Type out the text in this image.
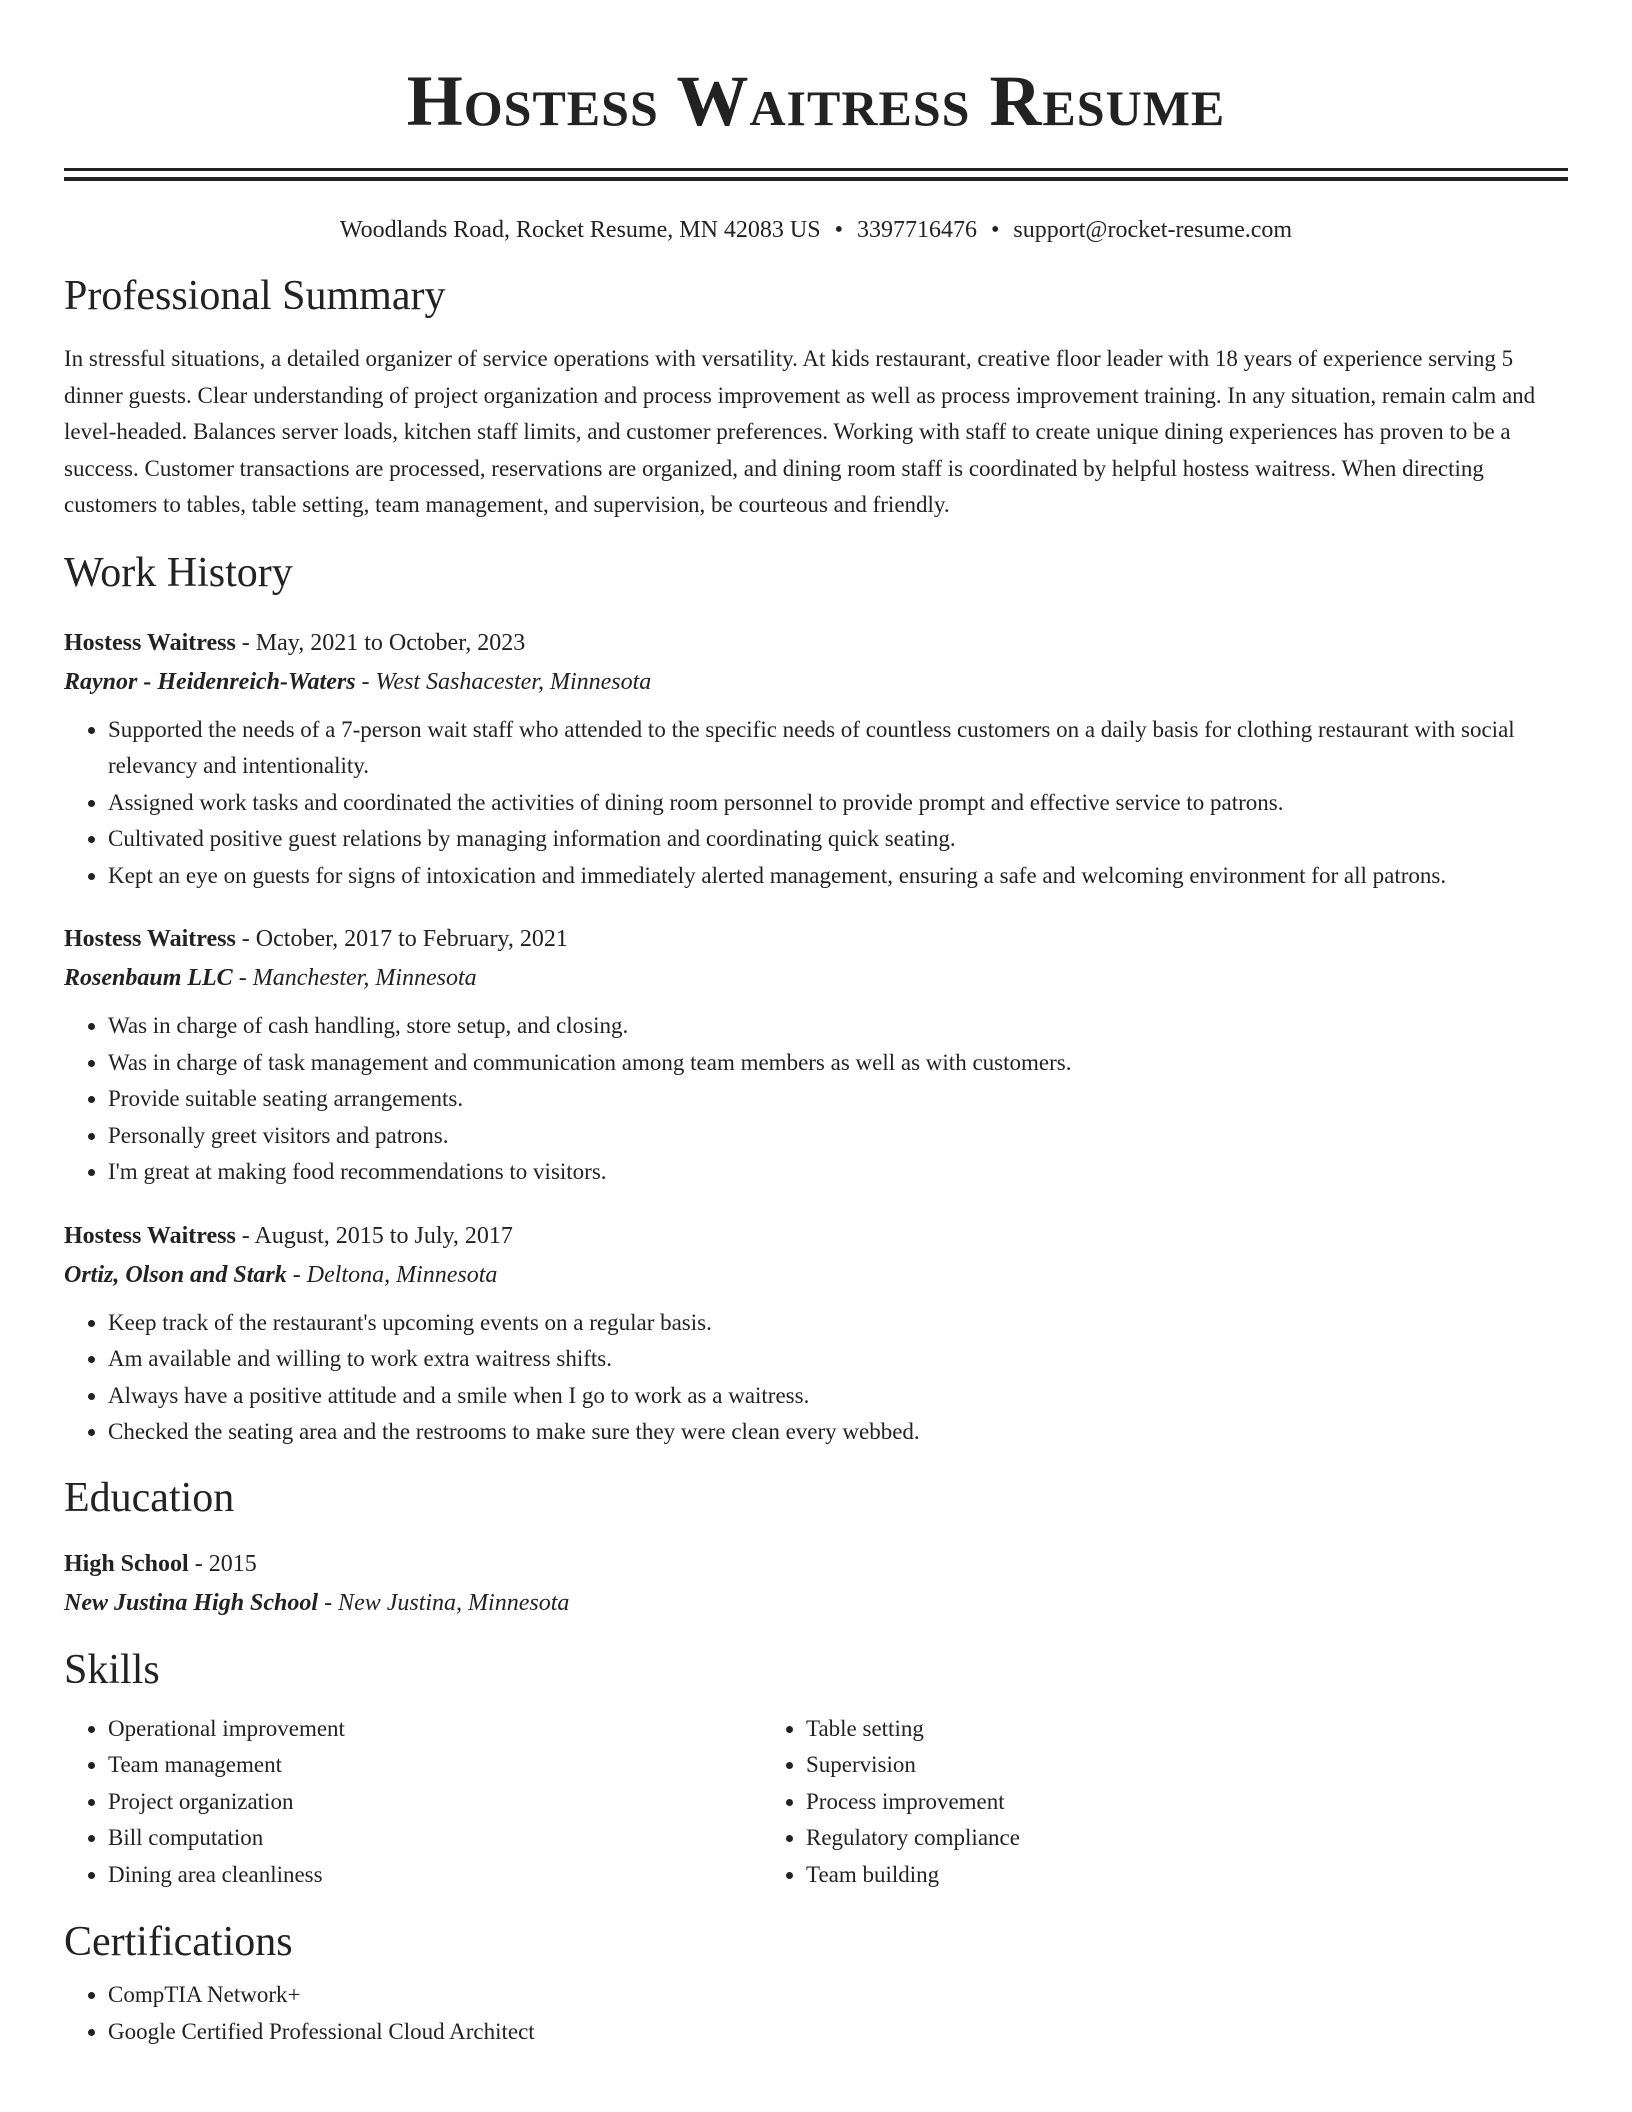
Hostess Waitress Resume
Woodlands Road, Rocket Resume, MN 42083 US • 3397716476 • support@rocket-resume.com
Professional Summary

In stressful situations, a detailed organizer of service operations with versatility. At kids restaurant, creative floor leader with 18 years of experience serving 5 dinner guests. Clear understanding of project organization and process improvement as well as process improvement training. In any situation, remain calm and level-headed. Balances server loads, kitchen staff limits, and customer preferences. Working with staff to create unique dining experiences has proven to be a success. Customer transactions are processed, reservations are organized, and dining room staff is coordinated by helpful hostess waitress. When directing customers to tables, table setting, team management, and supervision, be courteous and friendly.

Work History
Hostess Waitress - May, 2021 to October, 2023
Raynor - Heidenreich-Waters - West Sashacester, Minnesota
• Supported the needs of a 7-person wait staff who attended to the specific needs of countless customers on a daily basis for clothing restaurant with social relevancy and intentionality.
• Assigned work tasks and coordinated the activities of dining room personnel to provide prompt and effective service to patrons.
• Cultivated positive guest relations by managing information and coordinating quick seating.
• Kept an eye on guests for signs of intoxication and immediately alerted management, ensuring a safe and welcoming environment for all patrons.
Hostess Waitress - October, 2017 to February, 2021
Rosenbaum LLC - Manchester, Minnesota
• Was in charge of cash handling, store setup, and closing.
• Was in charge of task management and communication among team members as well as with customers.
• Provide suitable seating arrangements.
• Personally greet visitors and patrons.
• I'm great at making food recommendations to visitors.
Hostess Waitress - August, 2015 to July, 2017
Ortiz, Olson and Stark - Deltona, Minnesota
• Keep track of the restaurant's upcoming events on a regular basis.
• Am available and willing to work extra waitress shifts.
• Always have a positive attitude and a smile when I go to work as a waitress.
• Checked the seating area and the restrooms to make sure they were clean every webbed.
Education
High School - 2015
New Justina High School - New Justina, Minnesota
Skills
• Operational improvement
• Team management
• Project organization
• Bill computation
• Dining area cleanliness
• Table setting
• Supervision
• Process improvement
• Regulatory compliance
• Team building
Certifications
• CompTIA Network+
• Google Certified Professional Cloud Architect
